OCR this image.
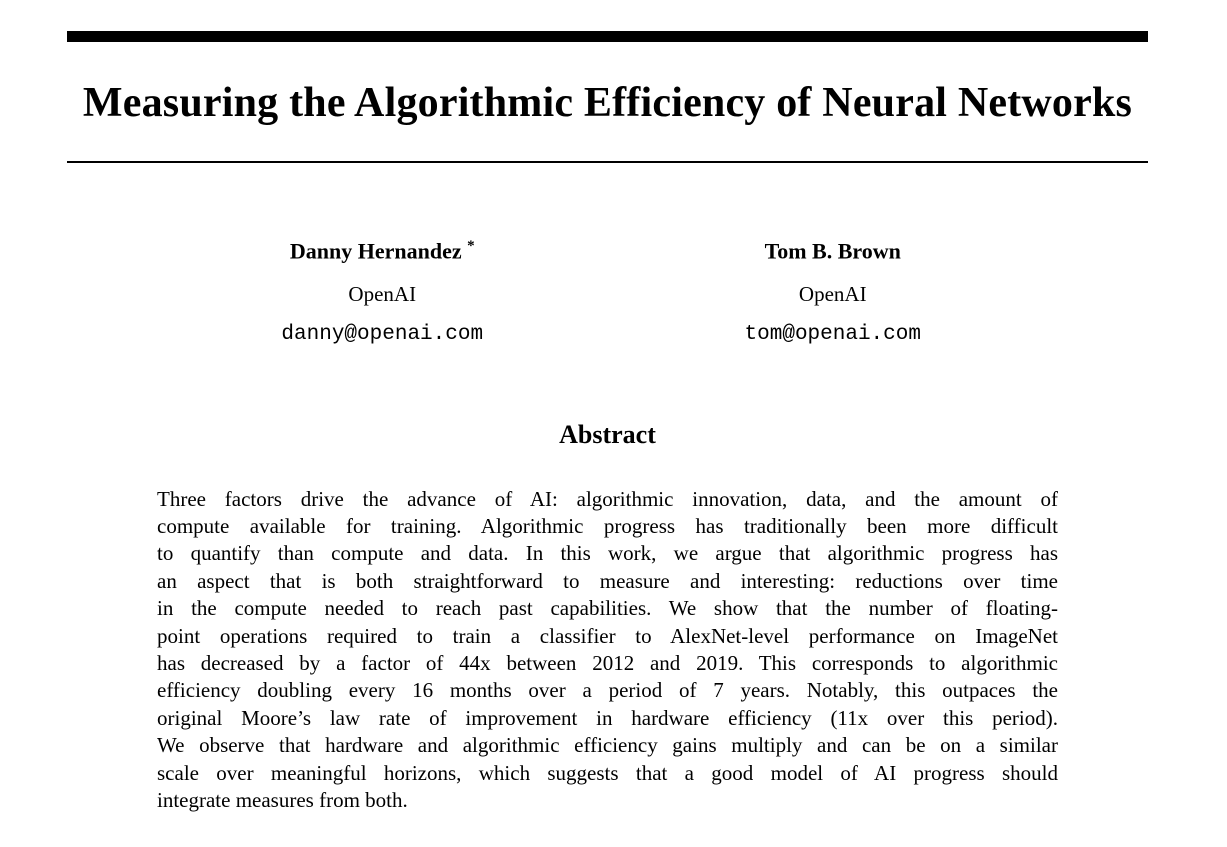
Measuring the Algorithmic Efficiency of Neural Networks
Danny Hernandez *
OpenAI
danny@openai.com
Tom B. Brown
OpenAI
tom@openai.com
Abstract
Three factors drive the advance of AI: algorithmic innovation, data, and the amount of
compute available for training. Algorithmic progress has traditionally been more difficult
to quantify than compute and data. In this work, we argue that algorithmic progress has
an aspect that is both straightforward to measure and interesting: reductions over time
in the compute needed to reach past capabilities. We show that the number of floating-
point operations required to train a classifier to AlexNet-level performance on ImageNet
has decreased by a factor of 44x between 2012 and 2019. This corresponds to algorithmic
efficiency doubling every 16 months over a period of 7 years. Notably, this outpaces the
original Moore’s law rate of improvement in hardware efficiency (11x over this period).
We observe that hardware and algorithmic efficiency gains multiply and can be on a similar
scale over meaningful horizons, which suggests that a good model of AI progress should
integrate measures from both.
